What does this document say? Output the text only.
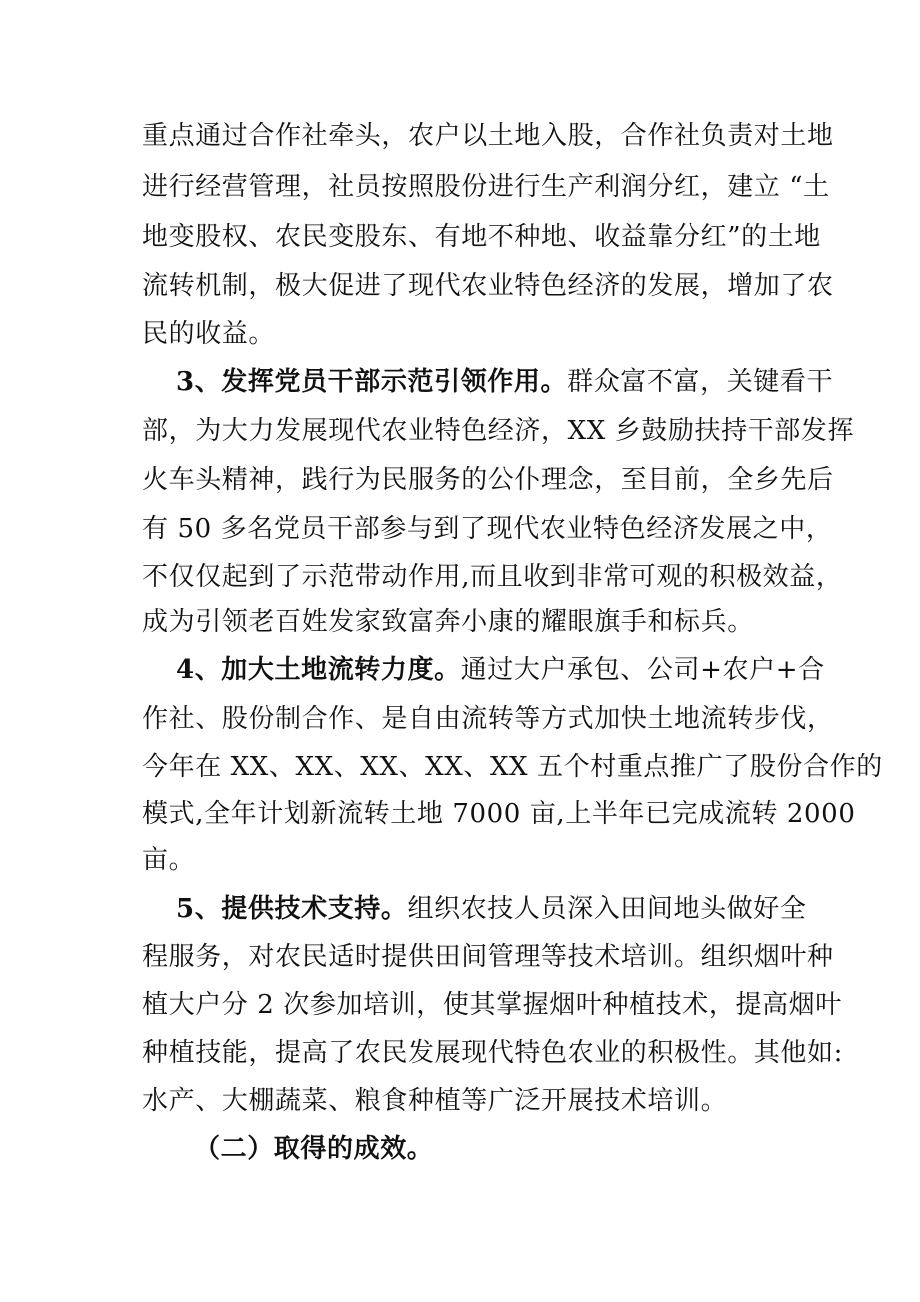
重点通过合作社牵头，农户以土地入股，合作社负责对土地
进行经营管理，社员按照股份进行生产利润分红，建立 “土
地变股权、农民变股东、有地不种地、收益靠分红”的土地
流转机制，极大促进了现代农业特色经济的发展，增加了农
民的收益。
3、发挥党员干部示范引领作用。群众富不富，关键看干
部，为大力发展现代农业特色经济，XX 乡鼓励扶持干部发挥
火车头精神，践行为民服务的公仆理念，至目前，全乡先后
有 50 多名党员干部参与到了现代农业特色经济发展之中，
不仅仅起到了示范带动作用,而且收到非常可观的积极效益，
成为引领老百姓发家致富奔小康的耀眼旗手和标兵。
4、加大土地流转力度。通过大户承包、公司+农户+合
作社、股份制合作、是自由流转等方式加快土地流转步伐，
今年在 XX、XX、XX、XX、XX 五个村重点推广了股份合作的
模式,全年计划新流转土地 7000 亩,上半年已完成流转 2000
亩。
5、提供技术支持。组织农技人员深入田间地头做好全
程服务，对农民适时提供田间管理等技术培训。组织烟叶种
植大户分 2 次参加培训，使其掌握烟叶种植技术，提高烟叶
种植技能，提高了农民发展现代特色农业的积极性。其他如:
水产、大棚蔬菜、粮食种植等广泛开展技术培训。
（二）取得的成效。
